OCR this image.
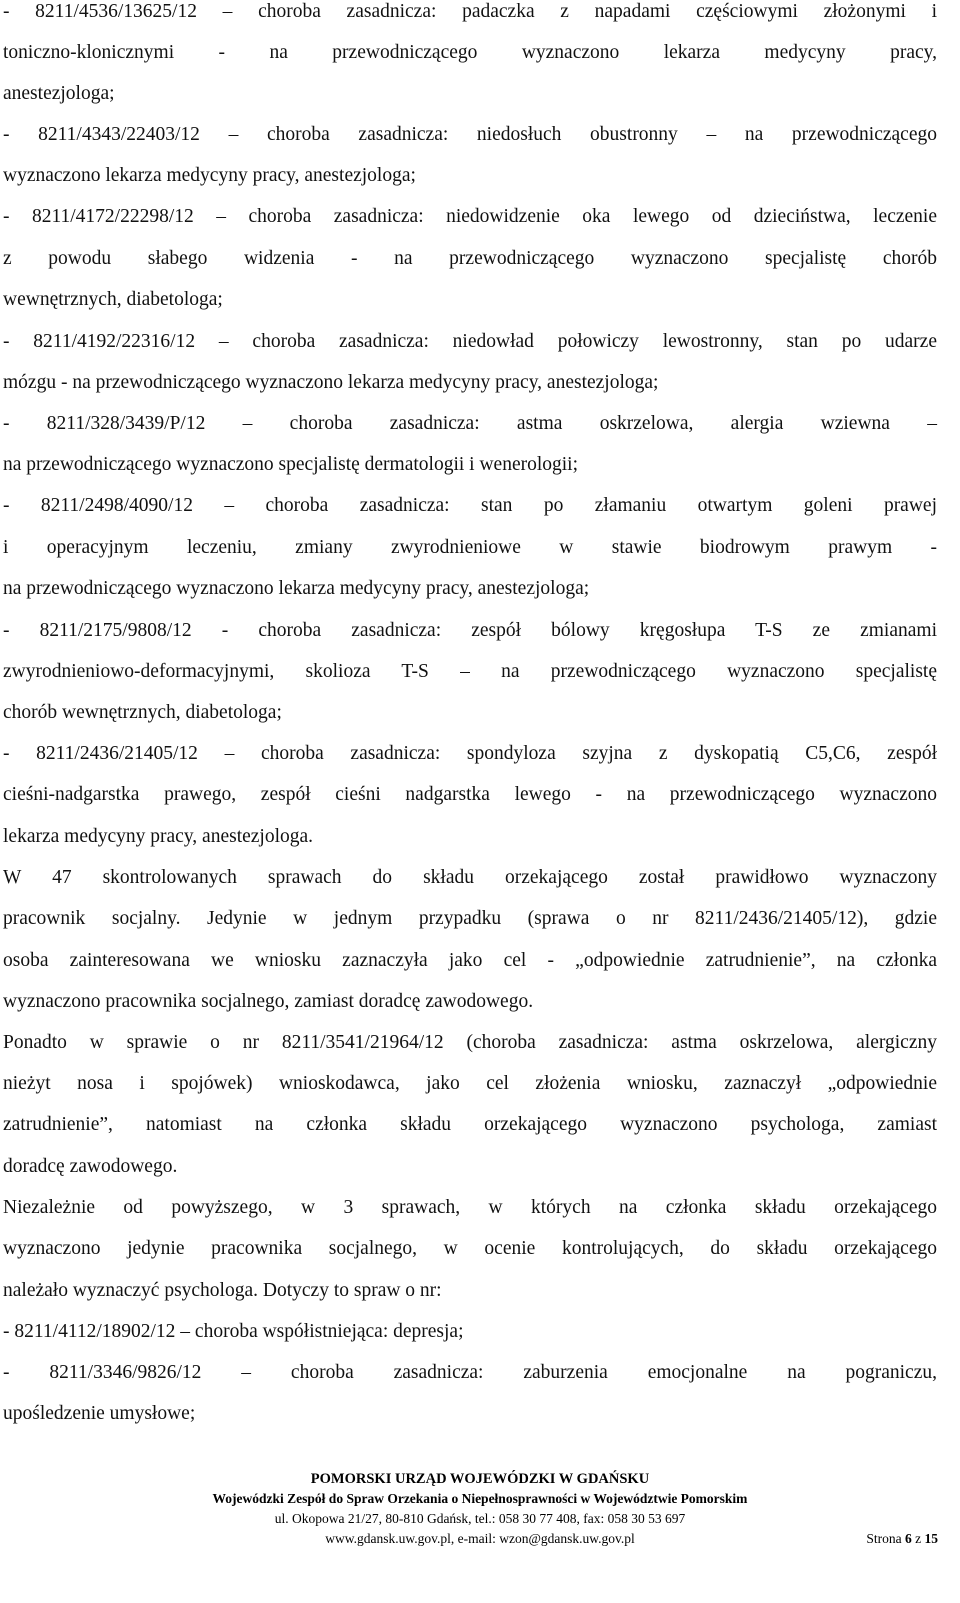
- 8211/4536/13625/12 – choroba zasadnicza: padaczka z napadami częściowymi złożonymi i
toniczno-klonicznymi - na przewodniczącego wyznaczono lekarza medycyny pracy,
anestezjologa;
- 8211/4343/22403/12 – choroba zasadnicza: niedosłuch obustronny – na przewodniczącego
wyznaczono lekarza medycyny pracy, anestezjologa;
- 8211/4172/22298/12 – choroba zasadnicza: niedowidzenie oka lewego od dzieciństwa, leczenie
z powodu słabego widzenia - na przewodniczącego wyznaczono specjalistę chorób
wewnętrznych, diabetologa;
- 8211/4192/22316/12 – choroba zasadnicza: niedowład połowiczy lewostronny, stan po udarze
mózgu - na przewodniczącego wyznaczono lekarza medycyny pracy, anestezjologa;
- 8211/328/3439/P/12 – choroba zasadnicza: astma oskrzelowa, alergia wziewna –
na przewodniczącego wyznaczono specjalistę dermatologii i wenerologii;
- 8211/2498/4090/12 – choroba zasadnicza: stan po złamaniu otwartym goleni prawej
i operacyjnym leczeniu, zmiany zwyrodnieniowe w stawie biodrowym prawym -
na przewodniczącego wyznaczono lekarza medycyny pracy, anestezjologa;
- 8211/2175/9808/12 - choroba zasadnicza: zespół bólowy kręgosłupa T-S ze zmianami
zwyrodnieniowo-deformacyjnymi, skolioza T-S – na przewodniczącego wyznaczono specjalistę
chorób wewnętrznych, diabetologa;
- 8211/2436/21405/12 – choroba zasadnicza: spondyloza szyjna z dyskopatią C5,C6, zespół
cieśni-nadgarstka prawego, zespół cieśni nadgarstka lewego - na przewodniczącego wyznaczono
lekarza medycyny pracy, anestezjologa.
W 47 skontrolowanych sprawach do składu orzekającego został prawidłowo wyznaczony
pracownik socjalny. Jedynie w jednym przypadku (sprawa o nr 8211/2436/21405/12), gdzie
osoba zainteresowana we wniosku zaznaczyła jako cel - „odpowiednie zatrudnienie”, na członka
wyznaczono pracownika socjalnego, zamiast doradcę zawodowego.
Ponadto w sprawie o nr 8211/3541/21964/12 (choroba zasadnicza: astma oskrzelowa, alergiczny
nieżyt nosa i spojówek) wnioskodawca, jako cel złożenia wniosku, zaznaczył „odpowiednie
zatrudnienie”, natomiast na członka składu orzekającego wyznaczono psychologa, zamiast
doradcę zawodowego.
Niezależnie od powyższego, w 3 sprawach, w których na członka składu orzekającego
wyznaczono jedynie pracownika socjalnego, w ocenie kontrolujących, do składu orzekającego
należało wyznaczyć psychologa. Dotyczy to spraw o nr:
- 8211/4112/18902/12 – choroba współistniejąca: depresja;
- 8211/3346/9826/12 – choroba zasadnicza: zaburzenia emocjonalne na pograniczu,
upośledzenie umysłowe;
POMORSKI URZĄD WOJEWÓDZKI W GDAŃSKU
Wojewódzki Zespół do Spraw Orzekania o Niepełnosprawności w Województwie Pomorskim
ul. Okopowa 21/27, 80-810 Gdańsk, tel.: 058 30 77 408, fax: 058 30 53 697
www.gdansk.uw.gov.pl, e-mail: wzon@gdansk.uw.gov.pl	Strona 6 z 15
